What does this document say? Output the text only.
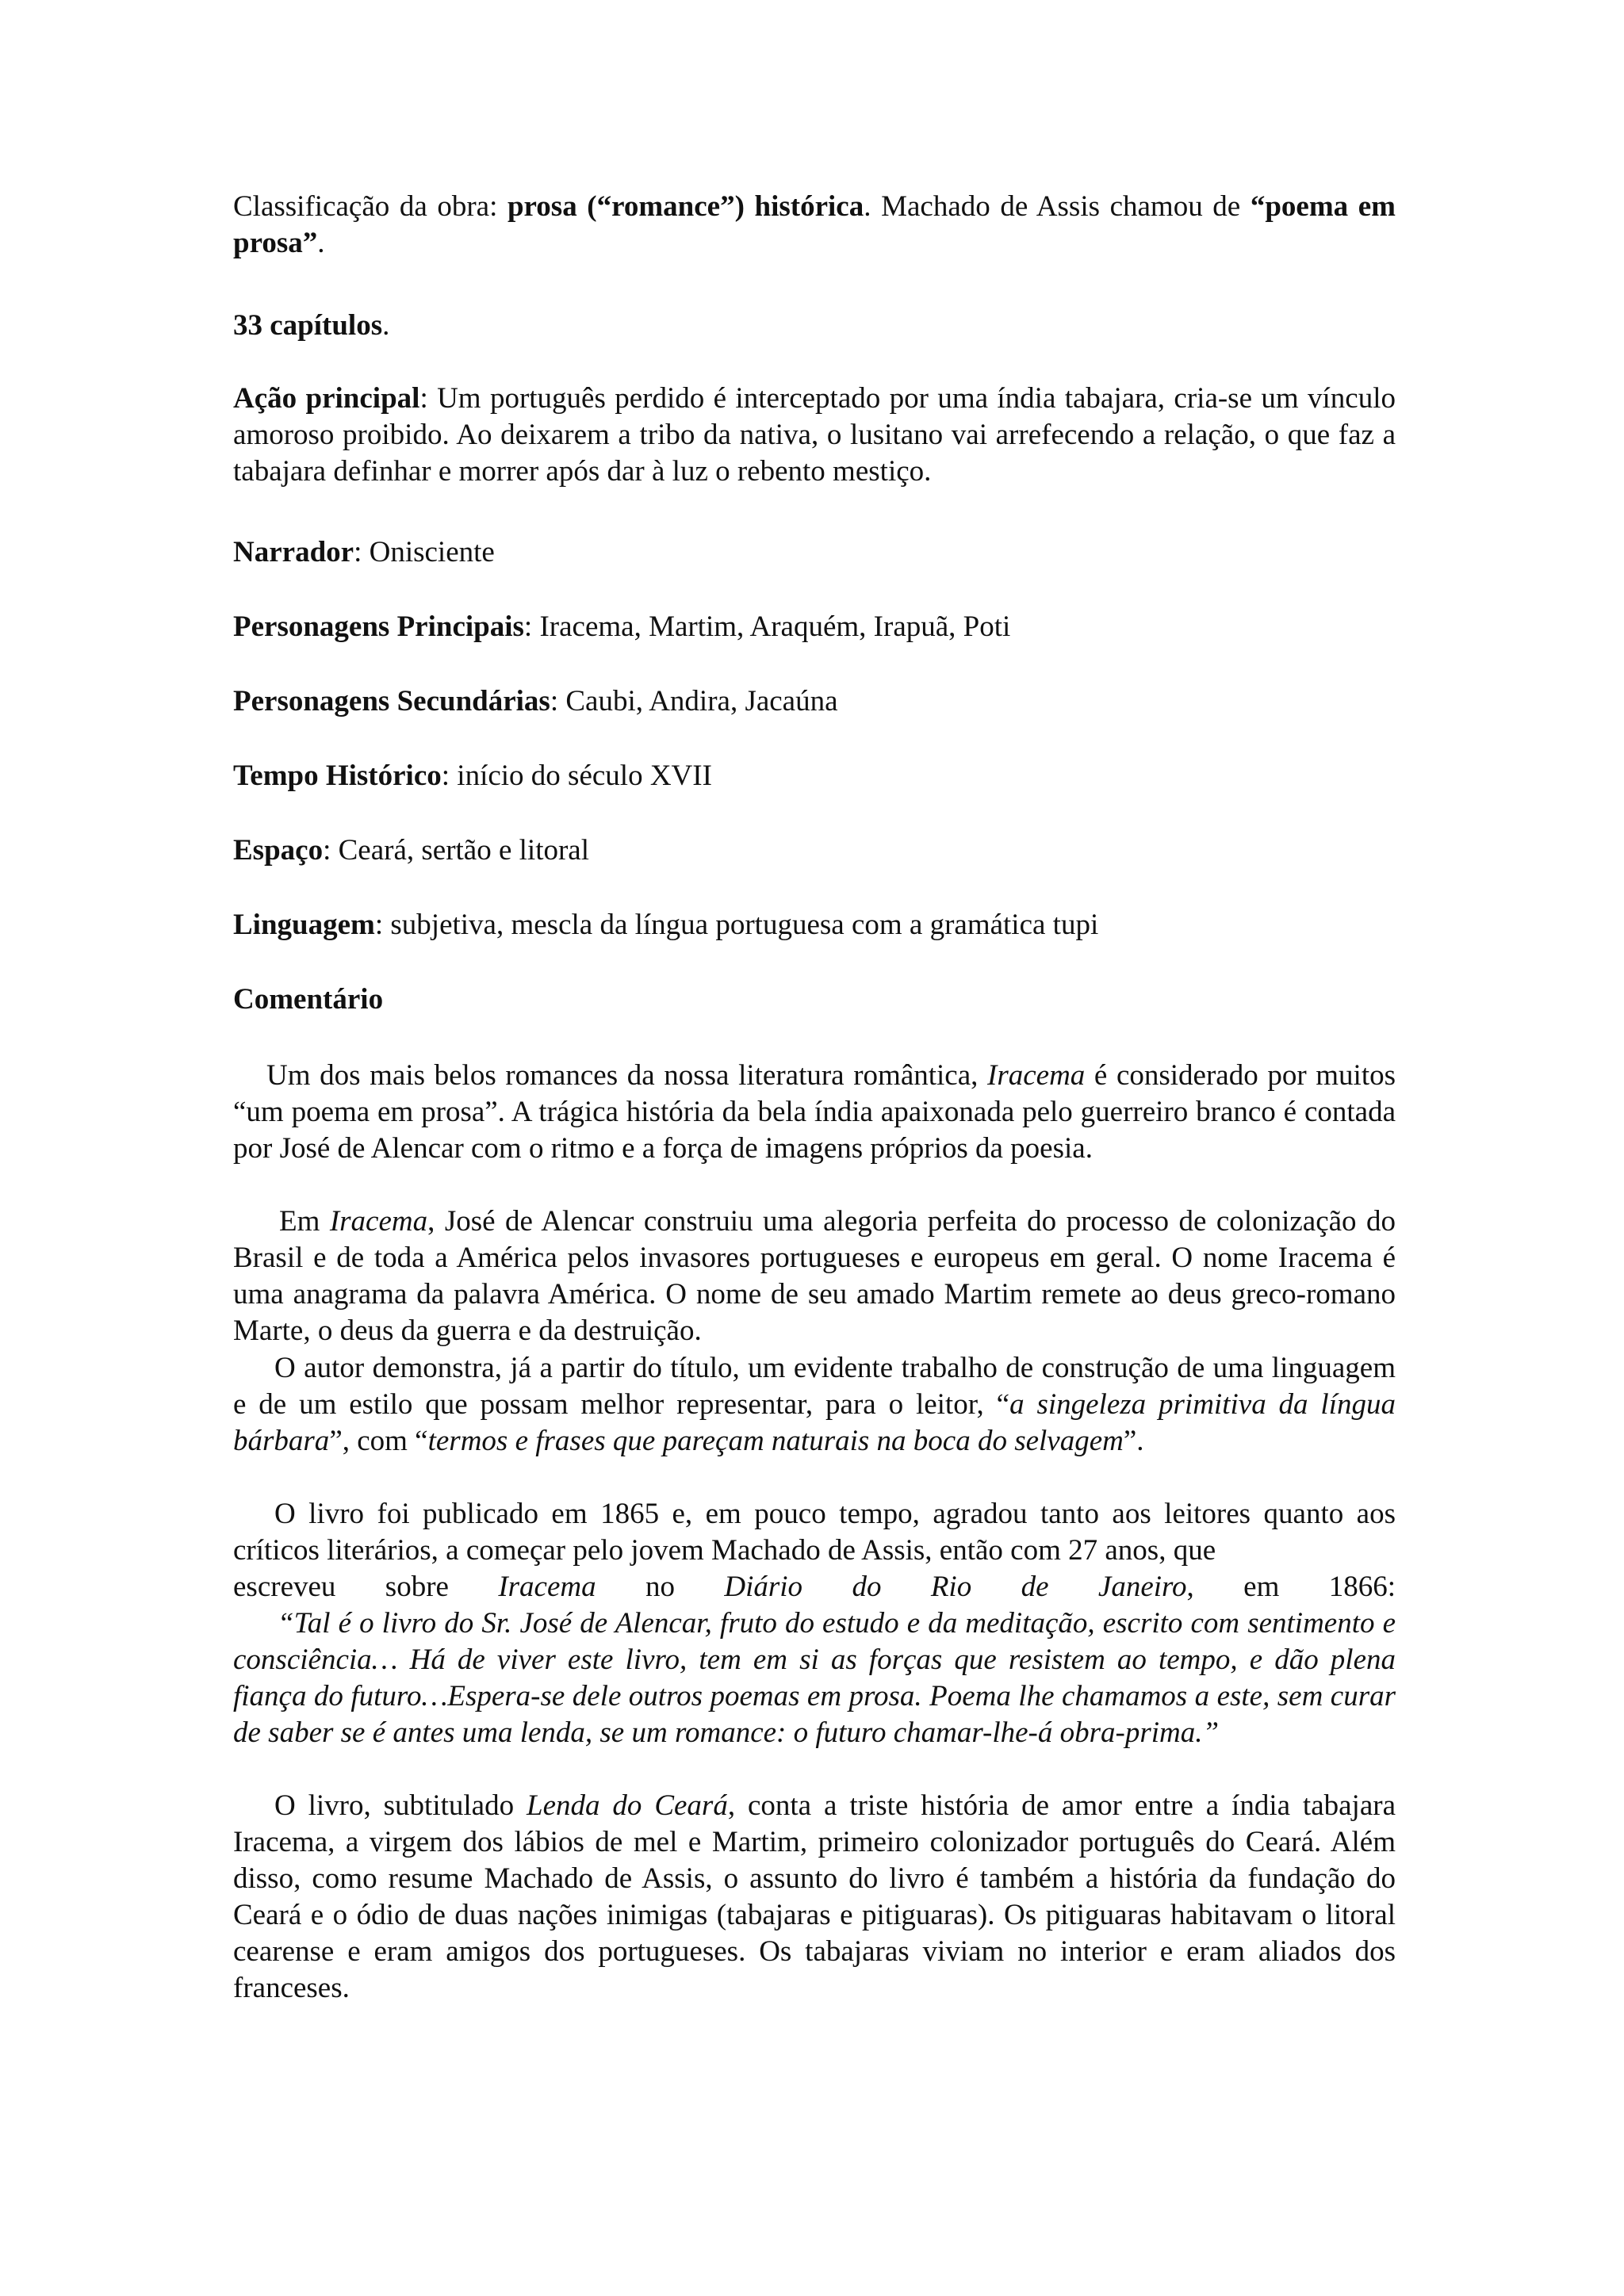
Classificação da obra: prosa (“romance”) histórica. Machado de Assis chamou de “poema em prosa”.

33 capítulos.

Ação principal: Um português perdido é interceptado por uma índia tabajara, cria-se um vínculo amoroso proibido. Ao deixarem a tribo da nativa, o lusitano vai arrefecendo a relação, o que faz a tabajara definhar e morrer após dar à luz o rebento mestiço.

Narrador: Onisciente

Personagens Principais: Iracema, Martim, Araquém, Irapuã, Poti

Personagens Secundárias: Caubi, Andira, Jacaúna

Tempo Histórico: início do século XVII

Espaço: Ceará, sertão e litoral

Linguagem: subjetiva, mescla da língua portuguesa com a gramática tupi

Comentário

Um dos mais belos romances da nossa literatura romântica, Iracema é considerado por muitos “um poema em prosa”. A trágica história da bela índia apaixonada pelo guerreiro branco é contada por José de Alencar com o ritmo e a força de imagens próprios da poesia.

Em Iracema, José de Alencar construiu uma alegoria perfeita do processo de colonização do Brasil e de toda a América pelos invasores portugueses e europeus em geral. O nome Iracema é uma anagrama da palavra América. O nome de seu amado Martim remete ao deus greco-romano Marte, o deus da guerra e da destruição.

O autor demonstra, já a partir do título, um evidente trabalho de construção de uma linguagem e de um estilo que possam melhor representar, para o leitor, “a singeleza primitiva da língua bárbara”, com “termos e frases que pareçam naturais na boca do selvagem”.

O livro foi publicado em 1865 e, em pouco tempo, agradou tanto aos leitores quanto aos críticos literários, a começar pelo jovem Machado de Assis, então com 27 anos, que

escreveu sobre Iracema no Diário do Rio de Janeiro, em 1866:

“Tal é o livro do Sr. José de Alencar, fruto do estudo e da meditação, escrito com sentimento e consciência… Há de viver este livro, tem em si as forças que resistem ao tempo, e dão plena fiança do futuro…Espera-se dele outros poemas em prosa. Poema lhe chamamos a este, sem curar de saber se é antes uma lenda, se um romance: o futuro chamar-lhe-á obra-prima.”

O livro, subtitulado Lenda do Ceará, conta a triste história de amor entre a índia tabajara Iracema, a virgem dos lábios de mel e Martim, primeiro colonizador português do Ceará. Além disso, como resume Machado de Assis, o assunto do livro é também a história da fundação do Ceará e o ódio de duas nações inimigas (tabajaras e pitiguaras). Os pitiguaras habitavam o litoral cearense e eram amigos dos portugueses. Os tabajaras viviam no interior e eram aliados dos franceses.
